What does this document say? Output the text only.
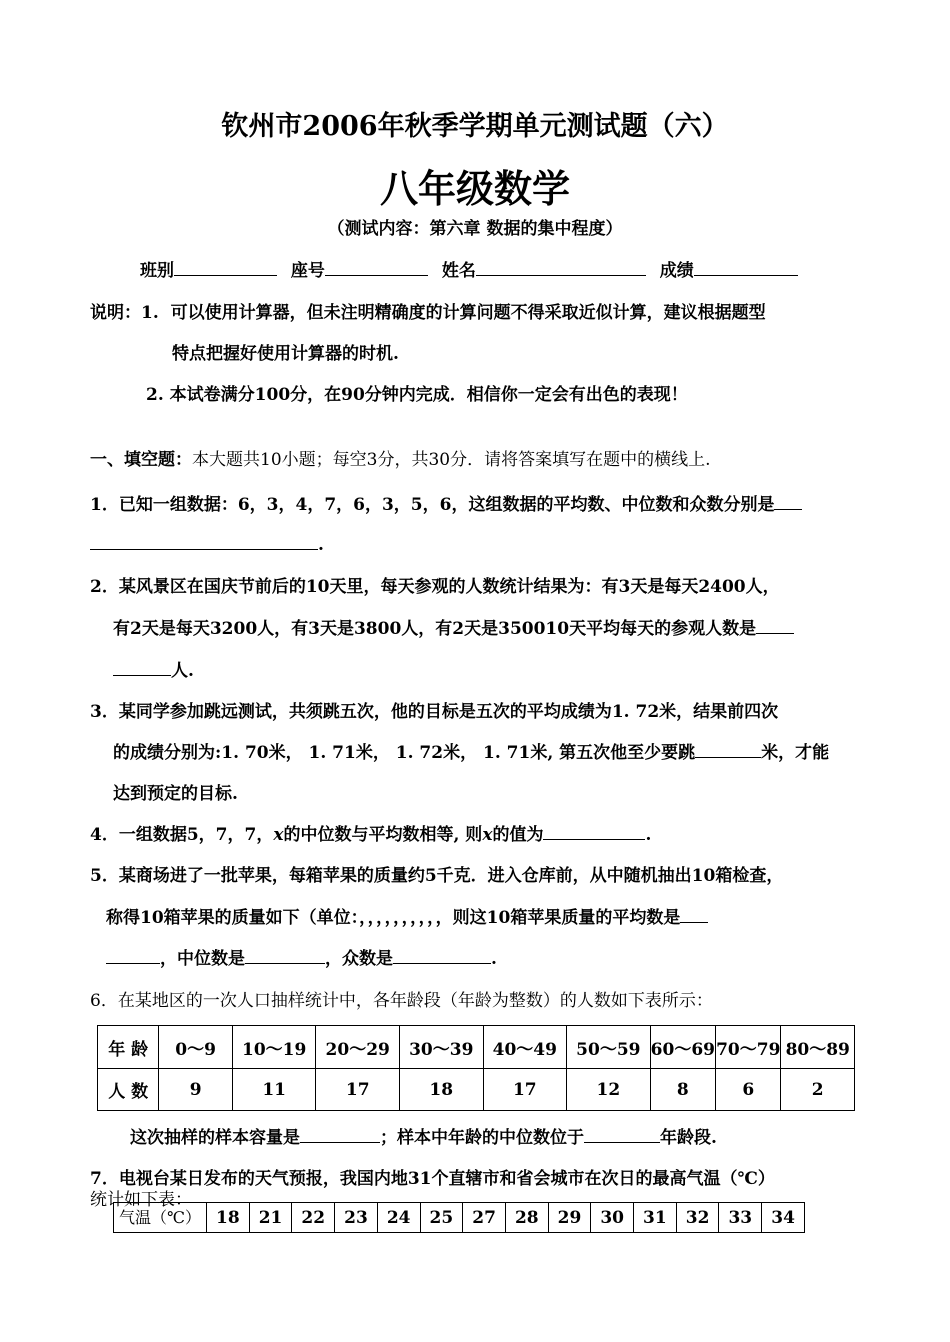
钦州市2006年秋季学期单元测试题（六）
八年级数学
（测试内容：第六章 数据的集中程度）
班别	座号	姓名	成绩
说明：1. 可以使用计算器，但未注明精确度的计算问题不得采取近似计算，建议根据题型
特点把握好使用计算器的时机.
2. 本试卷满分100分，在90分钟内完成．相信你一定会有出色的表现！
一、填空题：本大题共10小题；每空3分，共30分．请将答案填写在题中的横线上.
1．已知一组数据：6，3，4，7，6，3，5，6，这组数据的平均数、中位数和众数分别是
.
2．某风景区在国庆节前后的10天里，每天参观的人数统计结果为：有3天是每天2400人，
有2天是每天3200人，有3天是3800人，有2天是350010天平均每天的参观人数是
人.
3．某同学参加跳远测试，共须跳五次，他的目标是五次的平均成绩为1. 72米，结果前四次
的成绩分别为:1. 70米， 1. 71米， 1. 72米， 1. 71米, 第五次他至少要跳	米，才能
达到预定的目标.
4．一组数据5，7，7，x的中位数与平均数相等, 则x的值为	.
5．某商场进了一批苹果，每箱苹果的质量约5千克．进入仓库前，从中随机抽出10箱检查，
称得10箱苹果的质量如下（单位：，，，，，，，，，，则这10箱苹果质量的平均数是
，中位数是	，众数是	.
6．在某地区的一次人口抽样统计中，各年龄段（年龄为整数）的人数如下表所示：
年 龄	0～9	10～19	20～29	30～39	40～49	50～59	60～69	70～79	80～89
人 数	9	11	17	18	17	12	8	6	2
这次抽样的样本容量是	；样本中年龄的中位数位于	年龄段.
7．电视台某日发布的天气预报，我国内地31个直辖市和省会城市在次日的最高气温（℃）
统计如下表：
气温（℃）	18	21	22	23	24	25	27	28	29	30	31	32	33	34
